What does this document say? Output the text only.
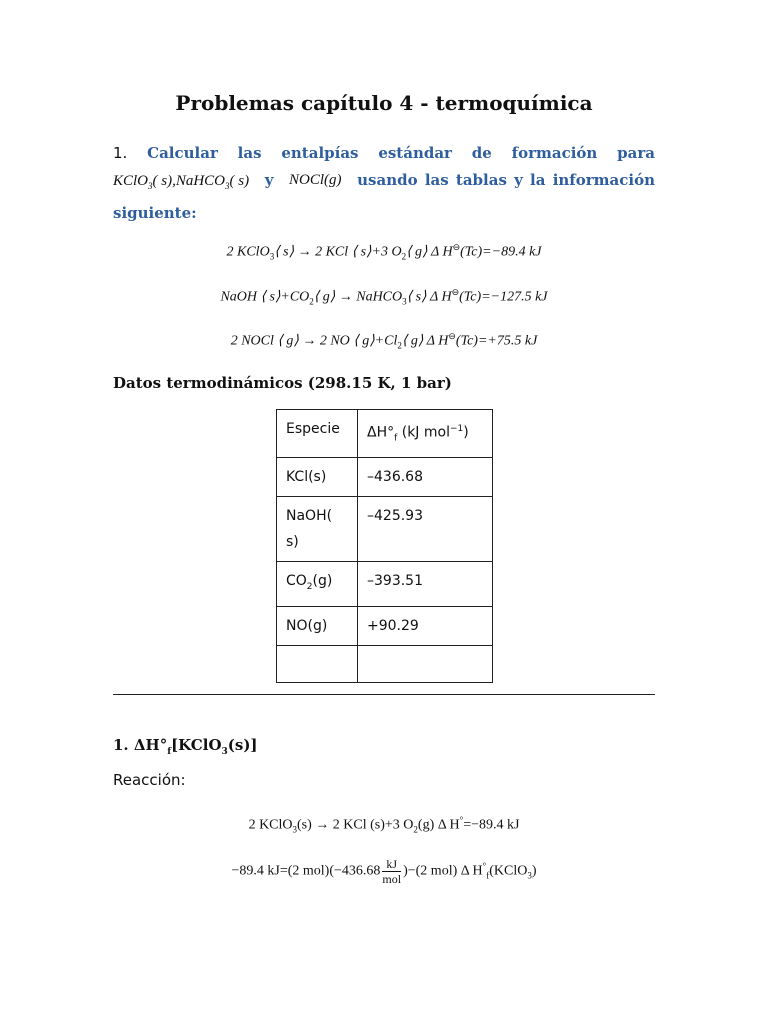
Problemas capítulo 4 - termoquímica
1. Calcular las entalpías estándar de formación para
KClO$_3$( s),NaHCO$_3$( s) y NOCl(g) usando las tablas y la información
siguiente:
2 KClO$_3$⟨ s⟩ → 2 KCl ⟨ s⟩+3 $O_2⟨$ g⟩ Δ H⊖(Tc)=−89.4 kJ
NaOH ⟨ $s⟩+CO_2⟨$ g⟩ → NaHCO$_3$⟨ s⟩ Δ H⊖(Tc)=−127.5 kJ
2 NOCl ⟨ g⟩ → 2 NO ⟨ $g⟩+Cl_2⟨$ g⟩ Δ H⊖(Tc)=+75.5 kJ
Datos termodinámicos (298.15 K, 1 bar)
Especie	$\Delta H^\circ_f$ (kJ mol$^{-1}$)
KCl(s)	–436.68
NaOH(
s)	–425.93
$CO_2(g)$	–393.51
NO(g)	+90.29

1. $\Delta H^\circ_f[KClO_3(s)]$
Reacción:
2 KClO$_3$(s) → 2 KCl (s)+3 $O_2(g)$ Δ H°=−89.4 kJ
−89.4 kJ=(2 $mol)(-436.68 \frac{kJ}{\text{mol}} )-(2$ mol) Δ $H^\circ_f(KClO_3)$
